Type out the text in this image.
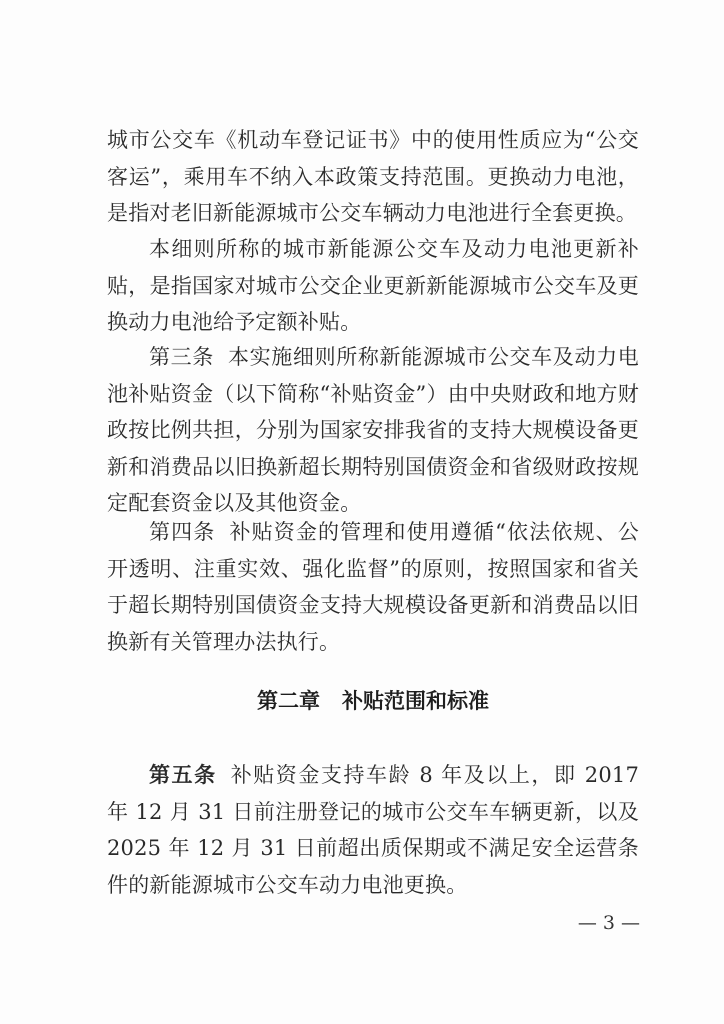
城市公交车《机动车登记证书》中的使用性质应为“公交客运”，乘用车不纳入本政策支持范围。更换动力电池，是指对老旧新能源城市公交车辆动力电池进行全套更换。

本细则所称的城市新能源公交车及动力电池更新补贴，是指国家对城市公交企业更新新能源城市公交车及更换动力电池给予定额补贴。

第三条 本实施细则所称新能源城市公交车及动力电池补贴资金（以下简称“补贴资金”）由中央财政和地方财政按比例共担，分别为国家安排我省的支持大规模设备更新和消费品以旧换新超长期特别国债资金和省级财政按规定配套资金以及其他资金。

第四条 补贴资金的管理和使用遵循“依法依规、公开透明、注重实效、强化监督”的原则，按照国家和省关于超长期特别国债资金支持大规模设备更新和消费品以旧换新有关管理办法执行。

第二章 补贴范围和标准

第五条 补贴资金支持车龄 8 年及以上，即 2017 年 12 月 31 日前注册登记的城市公交车车辆更新，以及 2025 年 12 月 31 日前超出质保期或不满足安全运营条件的新能源城市公交车动力电池更换。

— 3 —
